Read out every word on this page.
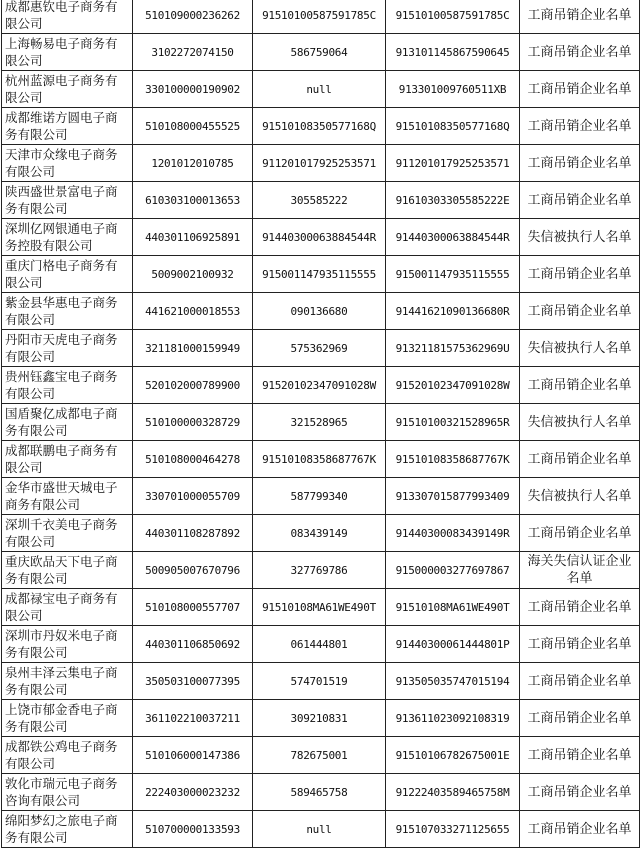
成都惠钦电子商务有限公司	510109000236262	91510100587591785C	91510100587591785C	工商吊销企业名单
上海畅易电子商务有限公司	3102272074150	586759064	913101145867590645	工商吊销企业名单
杭州蓝源电子商务有限公司	330100000190902	null	913301009760511XB	工商吊销企业名单
成都维诺方圆电子商务有限公司	510108000455525	91510108350577168Q	91510108350577168Q	工商吊销企业名单
天津市众缘电子商务有限公司	1201012010785	911201017925253571	911201017925253571	工商吊销企业名单
陕西盛世景富电子商务有限公司	610303100013653	305585222	91610303305585222E	工商吊销企业名单
深圳亿网银通电子商务控股有限公司	440301106925891	91440300063884544R	91440300063884544R	失信被执行人名单
重庆门格电子商务有限公司	5009002100932	915001147935115555	915001147935115555	工商吊销企业名单
紫金县华惠电子商务有限公司	441621000018553	090136680	91441621090136680R	工商吊销企业名单
丹阳市天虎电子商务有限公司	321181000159949	575362969	91321181575362969U	失信被执行人名单
贵州钰鑫宝电子商务有限公司	520102000789900	91520102347091028W	91520102347091028W	工商吊销企业名单
国盾聚亿成都电子商务有限公司	510100000328729	321528965	91510100321528965R	失信被执行人名单
成都联鹏电子商务有限公司	510108000464278	91510108358687767K	91510108358687767K	工商吊销企业名单
金华市盛世天城电子商务有限公司	330701000055709	587799340	913307015877993409	失信被执行人名单
深圳千衣美电子商务有限公司	440301108287892	083439149	91440300083439149R	工商吊销企业名单
重庆欧品天下电子商务有限公司	500905007670796	327769786	915000003277697867	海关失信认证企业名单
成都禄宝电子商务有限公司	510108000557707	91510108MA61WE490T	91510108MA61WE490T	工商吊销企业名单
深圳市丹奴米电子商务有限公司	440301106850692	061444801	91440300061444801P	工商吊销企业名单
泉州丰泽云集电子商务有限公司	350503100077395	574701519	913505035747015194	工商吊销企业名单
上饶市郁金香电子商务有限公司	361102210037211	309210831	913611023092108319	工商吊销企业名单
成都铁公鸡电子商务有限公司	510106000147386	782675001	91510106782675001E	工商吊销企业名单
敦化市瑞元电子商务咨询有限公司	222403000023232	589465758	91222403589465758M	工商吊销企业名单
绵阳梦幻之旅电子商务有限公司	510700000133593	null	915107033271125655	工商吊销企业名单
